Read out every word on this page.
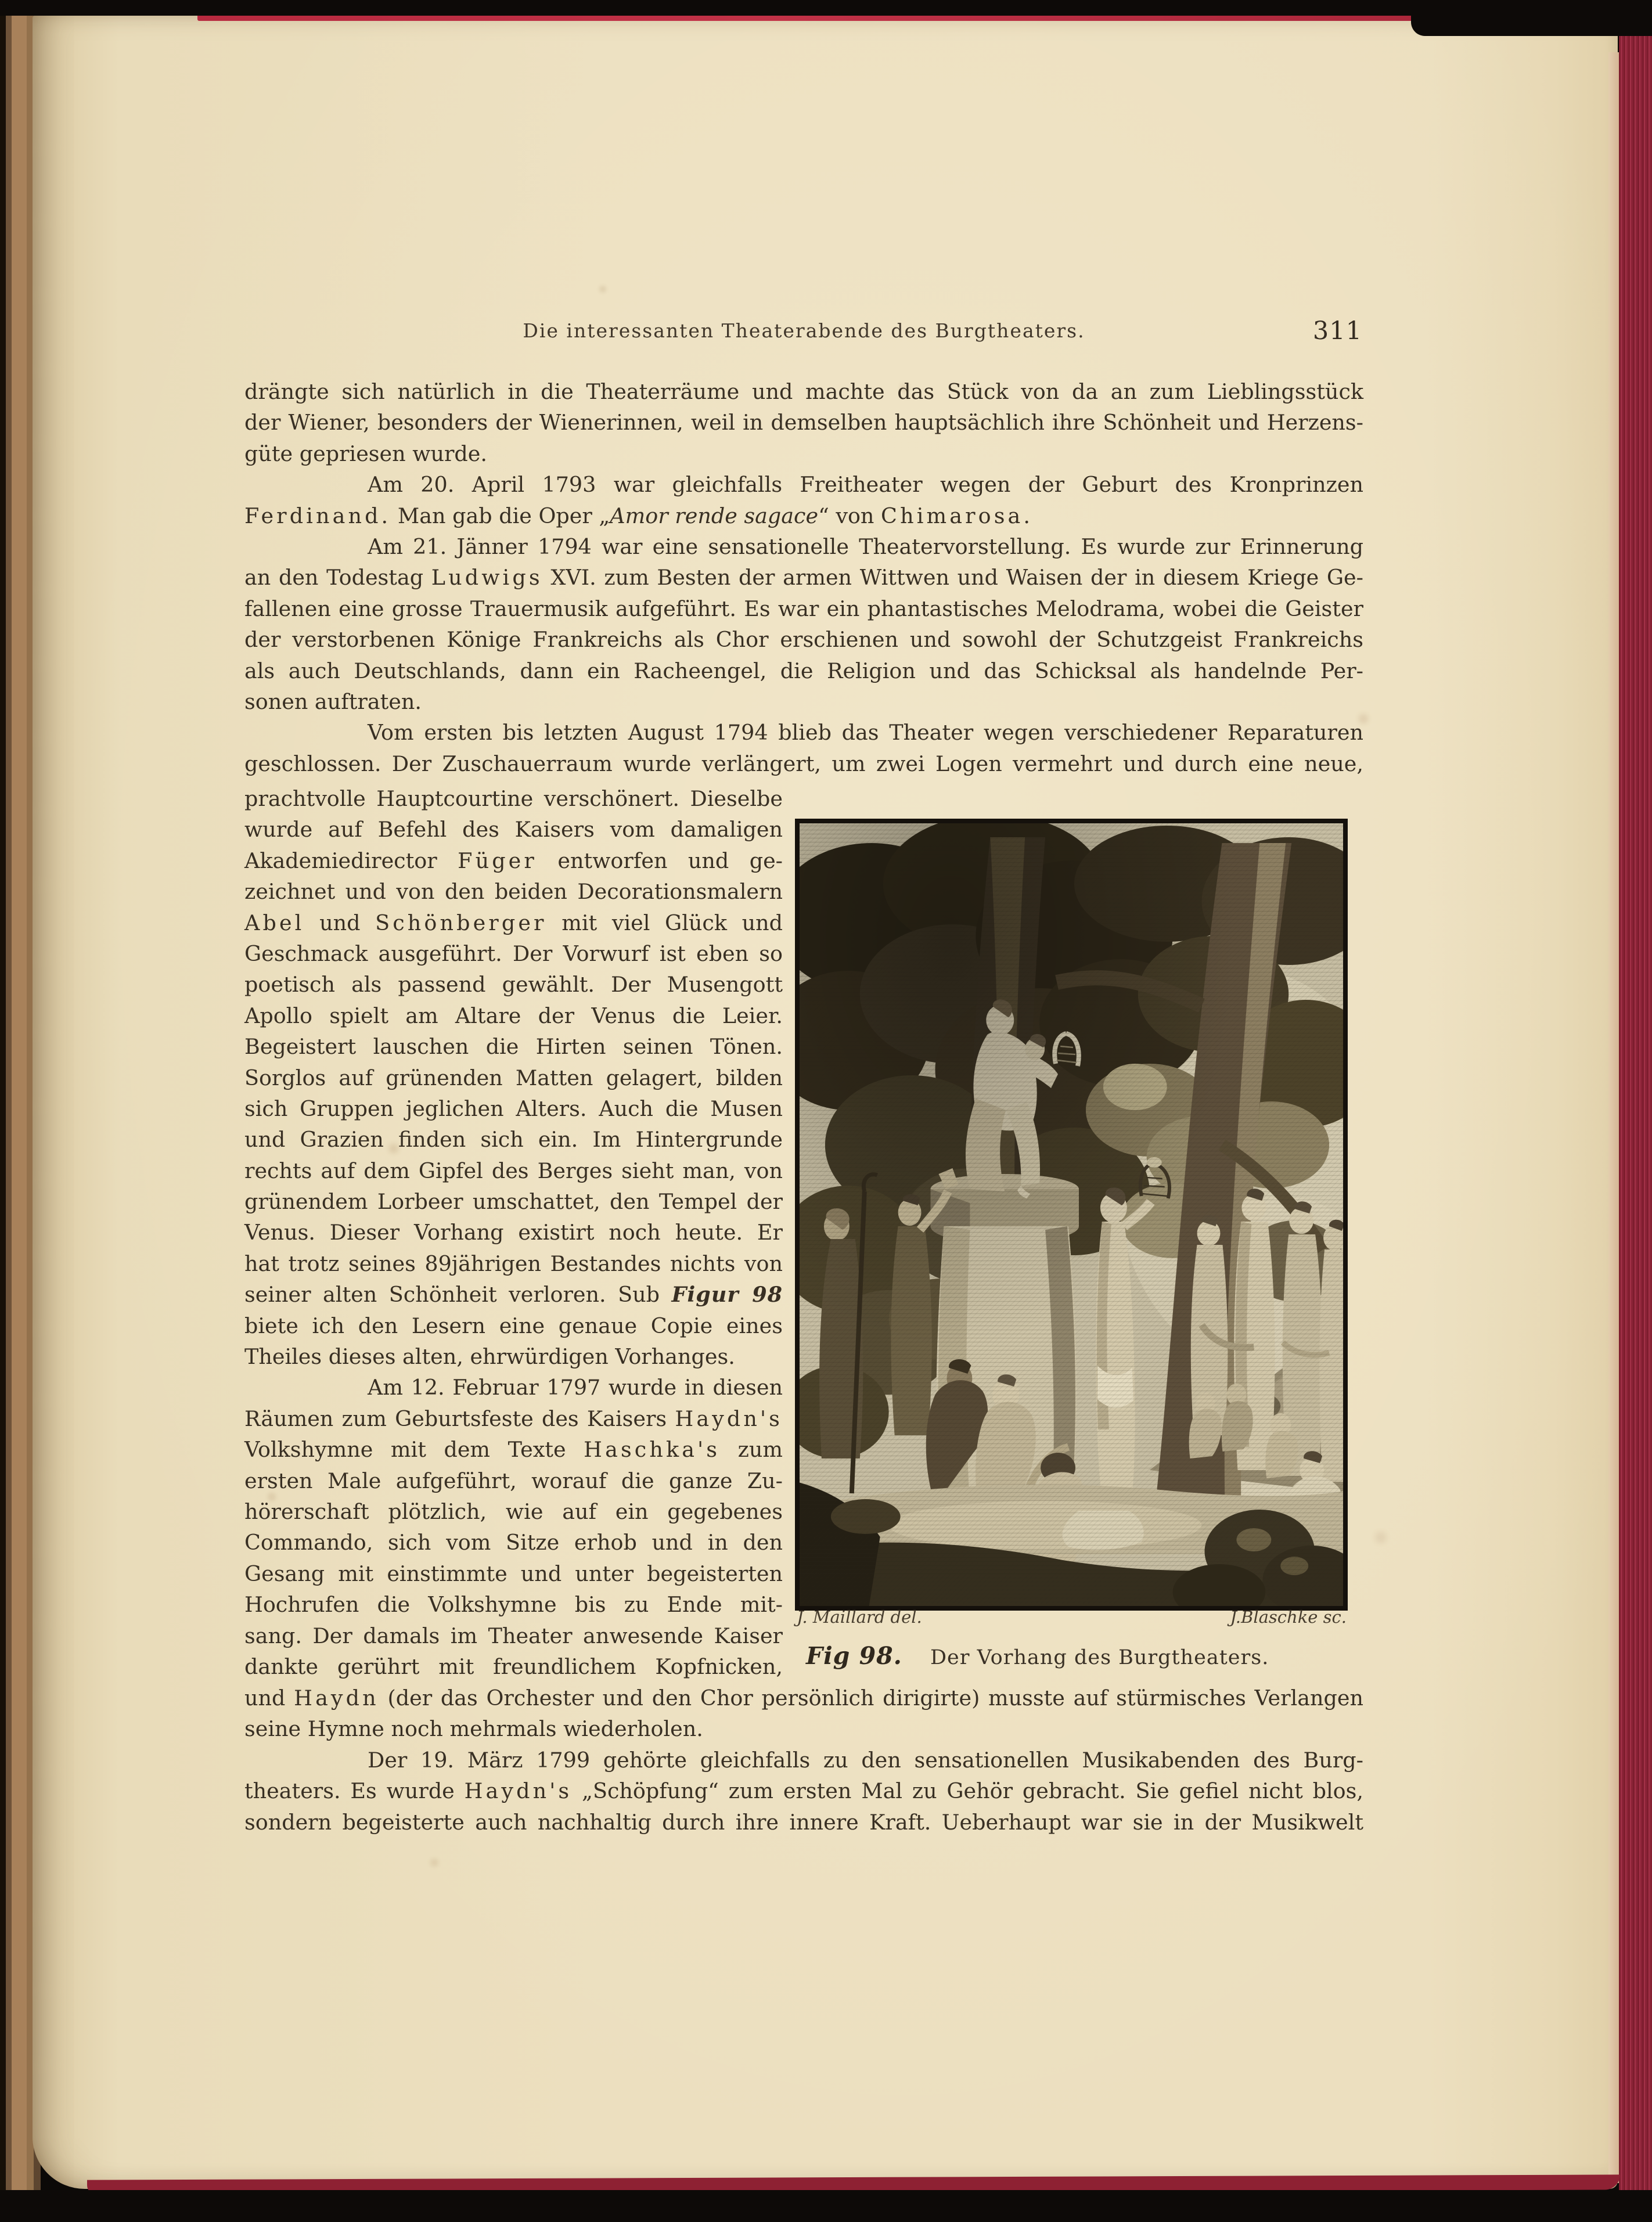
Die interessanten Theaterabende des Burgtheaters.	311
drängte sich natürlich in die Theaterräume und machte das Stück von da an zum Lieblingsstück
der Wiener, besonders der Wienerinnen, weil in demselben hauptsächlich ihre Schönheit und Herzens-
güte gepriesen wurde.
Am 20. April 1793 war gleichfalls Freitheater wegen der Geburt des Kronprinzen
Ferdinand. Man gab die Oper „Amor rende sagace“ von Chimarosa.
Am 21. Jänner 1794 war eine sensationelle Theatervorstellung. Es wurde zur Erinnerung
an den Todestag Ludwigs XVI. zum Besten der armen Wittwen und Waisen der in diesem Kriege Ge-
fallenen eine grosse Trauermusik aufgeführt. Es war ein phantastisches Melodrama, wobei die Geister
der verstorbenen Könige Frankreichs als Chor erschienen und sowohl der Schutzgeist Frankreichs
als auch Deutschlands, dann ein Racheengel, die Religion und das Schicksal als handelnde Per-
sonen auftraten.
Vom ersten bis letzten August 1794 blieb das Theater wegen verschiedener Reparaturen
geschlossen. Der Zuschauerraum wurde verlängert, um zwei Logen vermehrt und durch eine neue,
prachtvolle Hauptcourtine verschönert. Dieselbe
wurde auf Befehl des Kaisers vom damaligen
Akademiedirector Füger entworfen und ge-
zeichnet und von den beiden Decorationsmalern
Abel und Schönberger mit viel Glück und
Geschmack ausgeführt. Der Vorwurf ist eben so
poetisch als passend gewählt. Der Musengott
Apollo spielt am Altare der Venus die Leier.
Begeistert lauschen die Hirten seinen Tönen.
Sorglos auf grünenden Matten gelagert, bilden
sich Gruppen jeglichen Alters. Auch die Musen
und Grazien finden sich ein. Im Hintergrunde
rechts auf dem Gipfel des Berges sieht man, von
grünendem Lorbeer umschattet, den Tempel der
Venus. Dieser Vorhang existirt noch heute. Er
hat trotz seines 89jährigen Bestandes nichts von
seiner alten Schönheit verloren. Sub Figur 98
biete ich den Lesern eine genaue Copie eines
Theiles dieses alten, ehrwürdigen Vorhanges.
Am 12. Februar 1797 wurde in diesen
Räumen zum Geburtsfeste des Kaisers Haydn's
Volkshymne mit dem Texte Haschka's zum
ersten Male aufgeführt, worauf die ganze Zu-
hörerschaft plötzlich, wie auf ein gegebenes
Commando, sich vom Sitze erhob und in den
Gesang mit einstimmte und unter begeisterten
Hochrufen die Volkshymne bis zu Ende mit-
sang. Der damals im Theater anwesende Kaiser
dankte gerührt mit freundlichem Kopfnicken,
und Haydn (der das Orchester und den Chor persönlich dirigirte) musste auf stürmisches Verlangen
seine Hymne noch mehrmals wiederholen.
Der 19. März 1799 gehörte gleichfalls zu den sensationellen Musikabenden des Burg-
theaters. Es wurde Haydn's „Schöpfung“ zum ersten Mal zu Gehör gebracht. Sie gefiel nicht blos,
sondern begeisterte auch nachhaltig durch ihre innere Kraft. Ueberhaupt war sie in der Musikwelt
J. Maillard del.	J.Blaschke sc.
Fig 98. Der Vorhang des Burgtheaters.
